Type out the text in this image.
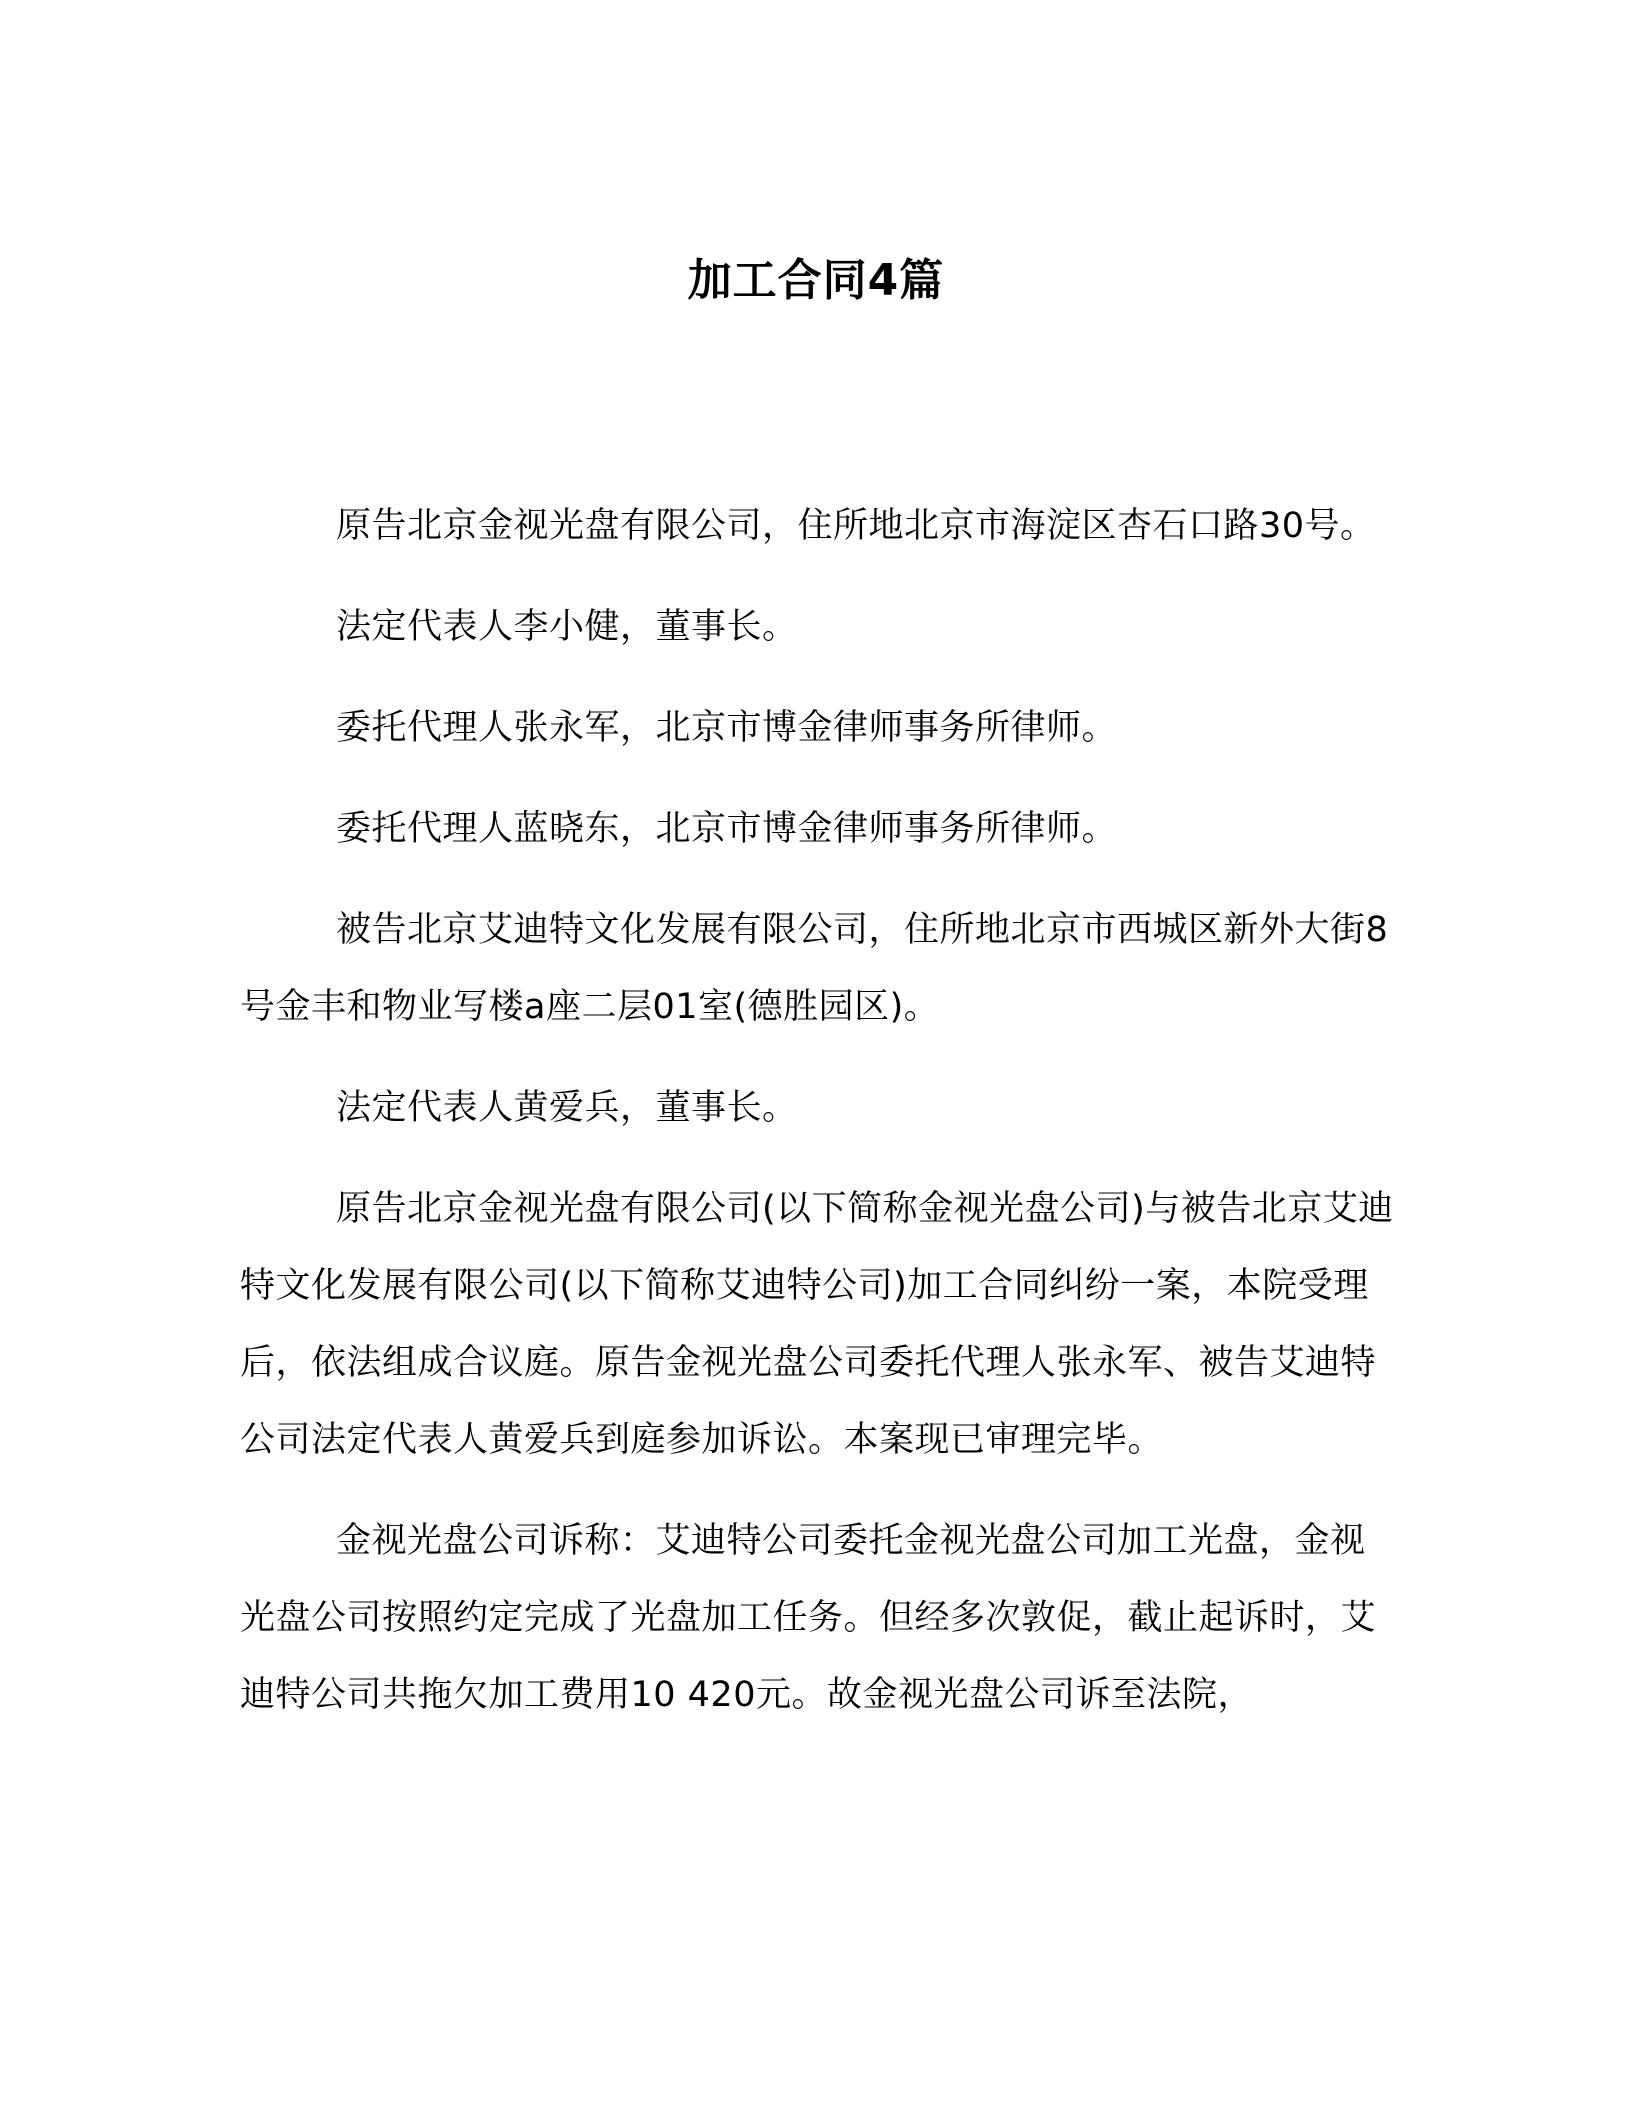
加工合同4篇

原告北京金视光盘有限公司，住所地北京市海淀区杏石口路30号。

法定代表人李小健，董事长。

委托代理人张永军，北京市博金律师事务所律师。

委托代理人蓝晓东，北京市博金律师事务所律师。

被告北京艾迪特文化发展有限公司，住所地北京市西城区新外大街8号金丰和物业写楼a座二层01室(德胜园区)。

法定代表人黄爱兵，董事长。

原告北京金视光盘有限公司(以下简称金视光盘公司)与被告北京艾迪特文化发展有限公司(以下简称艾迪特公司)加工合同纠纷一案，本院受理后，依法组成合议庭。原告金视光盘公司委托代理人张永军、被告艾迪特公司法定代表人黄爱兵到庭参加诉讼。本案现已审理完毕。

金视光盘公司诉称：艾迪特公司委托金视光盘公司加工光盘，金视光盘公司按照约定完成了光盘加工任务。但经多次敦促，截止起诉时，艾迪特公司共拖欠加工费用10 420元。故金视光盘公司诉至法院，
